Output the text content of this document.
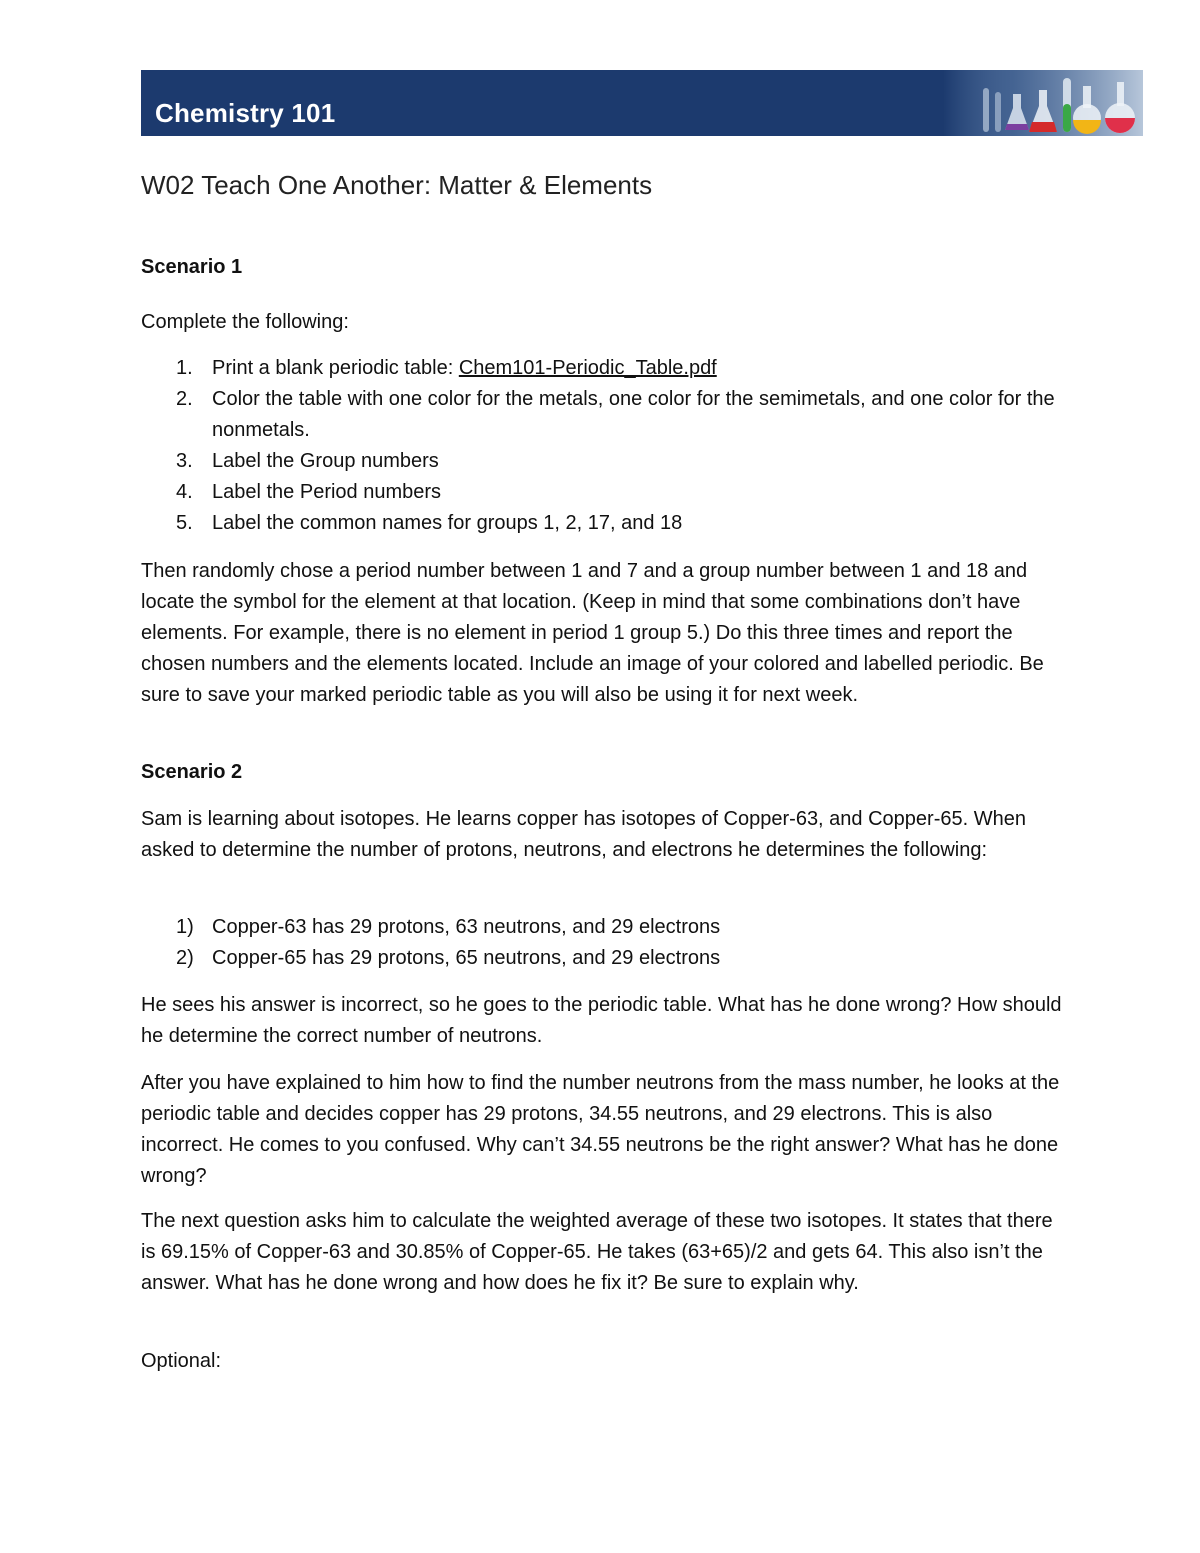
Chemistry 101
W02 Teach One Another: Matter & Elements
Scenario 1

Complete the following:

1. Print a blank periodic table: Chem101-Periodic_Table.pdf
2. Color the table with one color for the metals, one color for the semimetals, and one color for the nonmetals.
3. Label the Group numbers
4. Label the Period numbers
5. Label the common names for groups 1, 2, 17, and 18

Then randomly chose a period number between 1 and 7 and a group number between 1 and 18 and locate the symbol for the element at that location. (Keep in mind that some combinations don’t have elements. For example, there is no element in period 1 group 5.) Do this three times and report the chosen numbers and the elements located. Include an image of your colored and labelled periodic. Be sure to save your marked periodic table as you will also be using it for next week.

Scenario 2

Sam is learning about isotopes. He learns copper has isotopes of Copper-63, and Copper-65. When asked to determine the number of protons, neutrons, and electrons he determines the following:

1) Copper-63 has 29 protons, 63 neutrons, and 29 electrons
2) Copper-65 has 29 protons, 65 neutrons, and 29 electrons

He sees his answer is incorrect, so he goes to the periodic table. What has he done wrong? How should he determine the correct number of neutrons.

After you have explained to him how to find the number neutrons from the mass number, he looks at the periodic table and decides copper has 29 protons, 34.55 neutrons, and 29 electrons. This is also incorrect. He comes to you confused. Why can’t 34.55 neutrons be the right answer? What has he done wrong?

The next question asks him to calculate the weighted average of these two isotopes. It states that there is 69.15% of Copper-63 and 30.85% of Copper-65. He takes (63+65)/2 and gets 64. This also isn’t the answer. What has he done wrong and how does he fix it? Be sure to explain why.

Optional:
